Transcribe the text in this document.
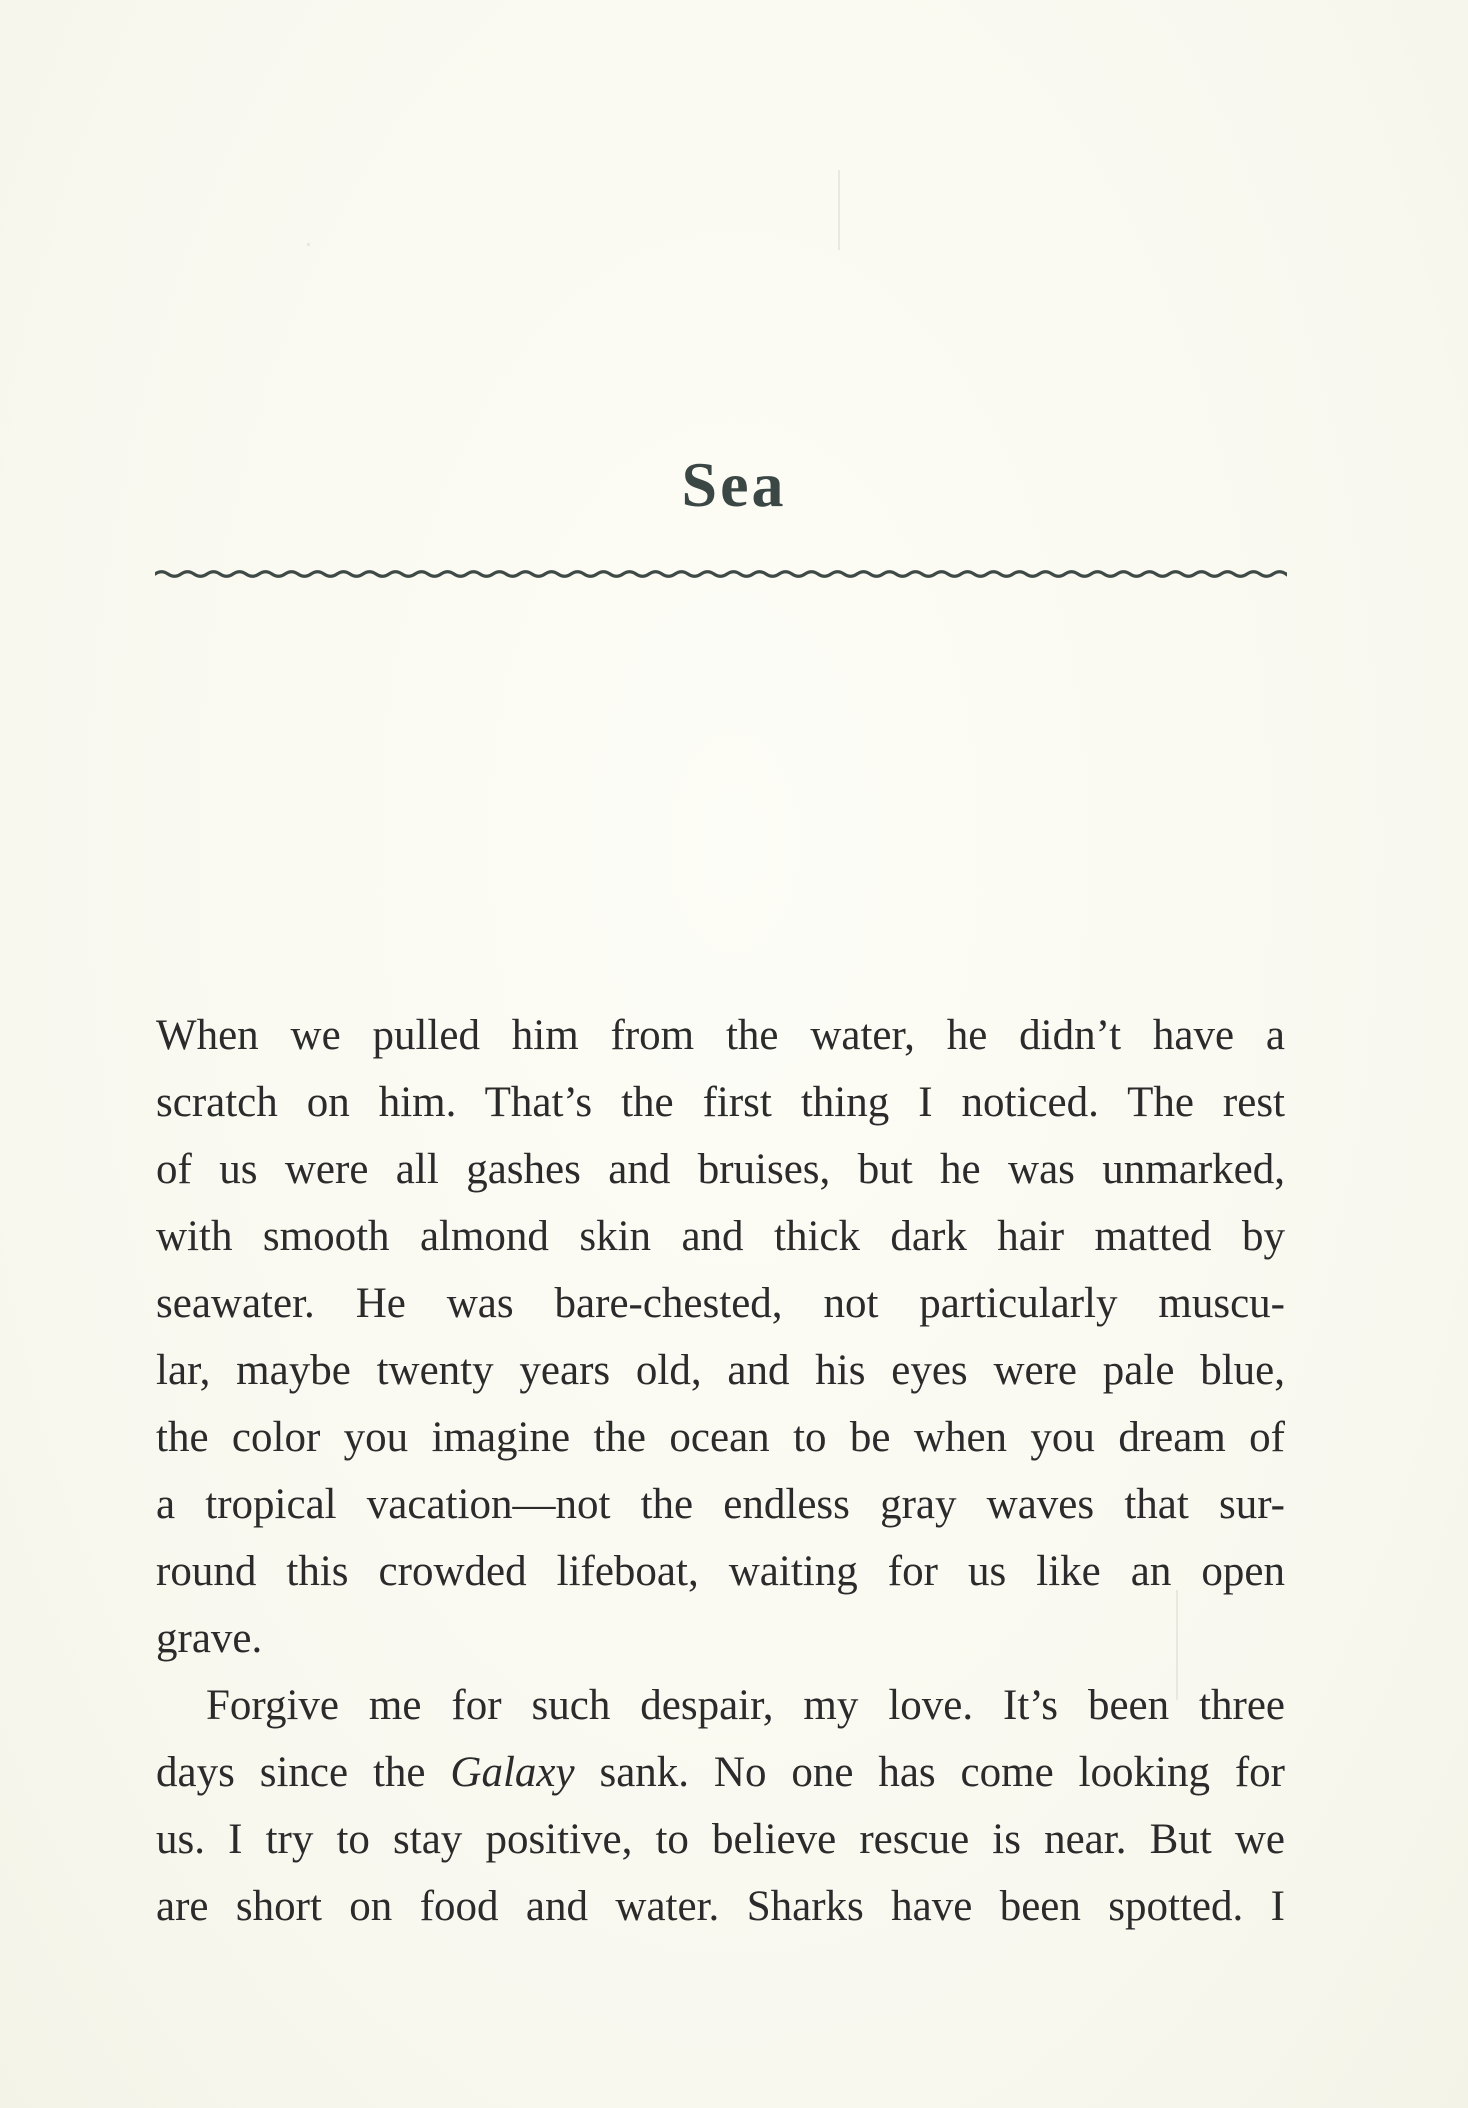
Sea
When we pulled him from the water, he didn’t have a
scratch on him. That’s the first thing I noticed. The rest
of us were all gashes and bruises, but he was unmarked,
with smooth almond skin and thick dark hair matted by
seawater. He was bare-chested, not particularly muscu-
lar, maybe twenty years old, and his eyes were pale blue,
the color you imagine the ocean to be when you dream of
a tropical vacation—not the endless gray waves that sur-
round this crowded lifeboat, waiting for us like an open
grave.
Forgive me for such despair, my love. It’s been three
days since the Galaxy sank. No one has come looking for
us. I try to stay positive, to believe rescue is near. But we
are short on food and water. Sharks have been spotted. I
